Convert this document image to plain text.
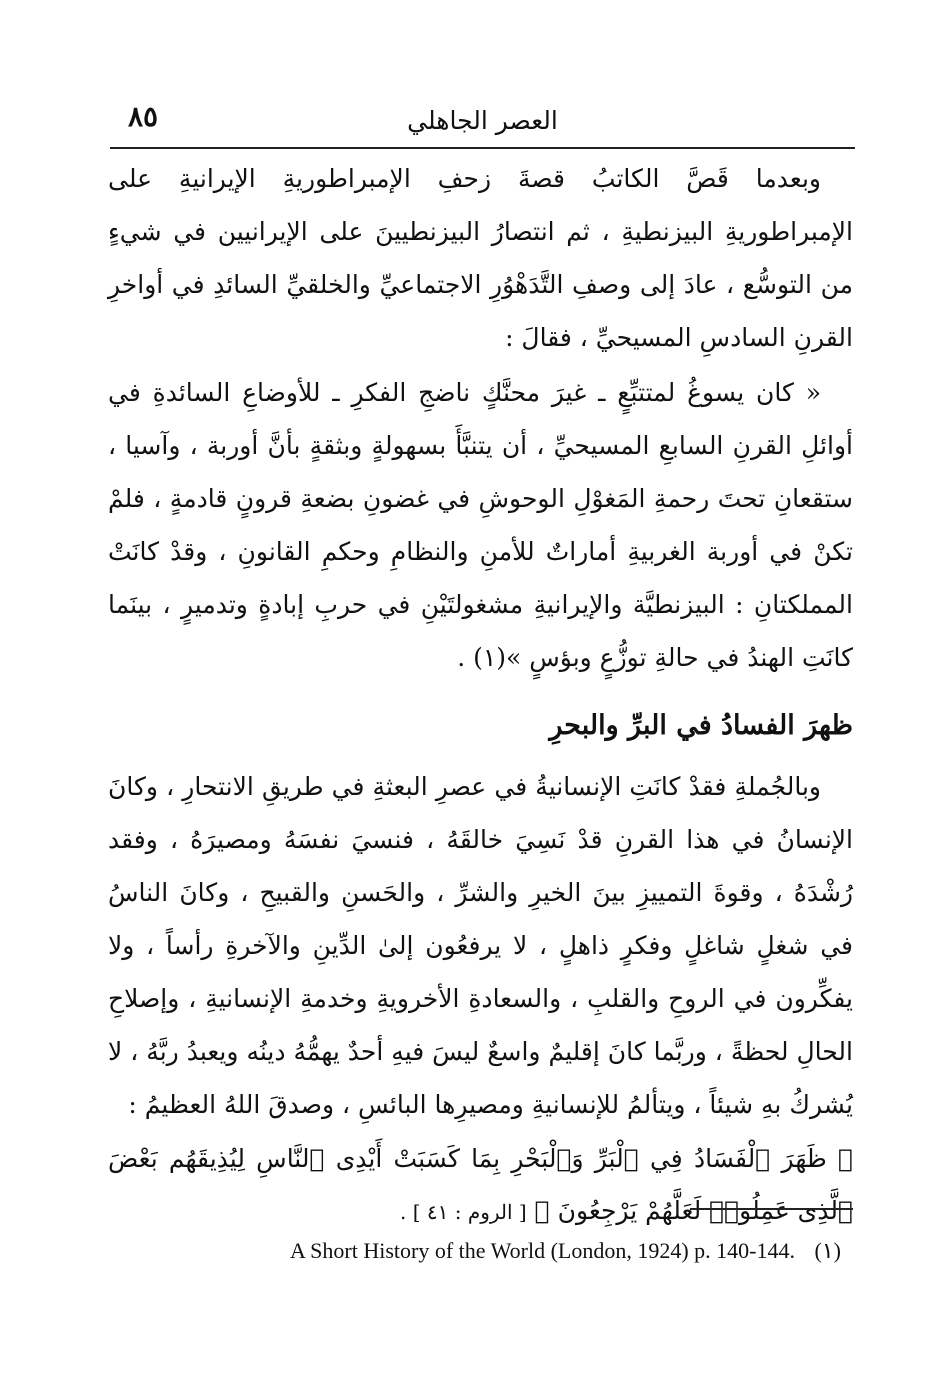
٨٥	العصر الجاهلي

وبعدما قَصَّ الكاتبُ قصةَ زحفِ الإمبراطوريةِ الإيرانيةِ على الإمبراطوريةِ البيزنطيةِ ، ثم انتصارُ البيزنطيينَ على الإيرانيين في شيءٍ من التوسُّع ، عادَ إلى وصفِ التَّدَهْوُرِ الاجتماعيِّ والخلقيِّ السائدِ في أواخرِ القرنِ السادسِ المسيحيِّ ، فقالَ :

« كان يسوغُ لمتتبِّعٍ ـ غيرَ محنَّكٍ ناضجِ الفكرِ ـ للأوضاعِ السائدةِ في أوائلِ القرنِ السابعِ المسيحيِّ ، أن يتنبَّأَ بسهولةٍ وبثقةٍ بأنَّ أوربة ، وآسيا ، ستقعانِ تحتَ رحمةِ المَغوْلِ الوحوشِ في غضونِ بضعةِ قرونٍ قادمةٍ ، فلمْ تكنْ في أوربة الغربيةِ أماراتٌ للأمنِ والنظامِ وحكمِ القانونِ ، وقدْ كانَتْ المملكتانِ : البيزنطيَّة والإيرانيةِ مشغولتَيْنِ في حربِ إبادةٍ وتدميرٍ ، بينَما كانَتِ الهندُ في حالةِ توزُّعٍ وبؤسٍ »(١) .

ظهرَ الفسادُ في البرِّ والبحرِ

وبالجُملةِ فقدْ كانَتِ الإنسانيةُ في عصرِ البعثةِ في طريقِ الانتحارِ ، وكانَ الإنسانُ في هذا القرنِ قدْ نَسِيَ خالقَهُ ، فنسيَ نفسَهُ ومصيرَهُ ، وفقد رُشْدَهُ ، وقوةَ التمييزِ بينَ الخيرِ والشرِّ ، والحَسنِ والقبيحِ ، وكانَ الناسُ في شغلٍ شاغلٍ وفكرٍ ذاهلٍ ، لا يرفعُون إلىٰ الدِّينِ والآخرةِ رأساً ، ولا يفكِّرون في الروحِ والقلبِ ، والسعادةِ الأخرويةِ وخدمةِ الإنسانيةِ ، وإصلاحِ الحالِ لحظةً ، وربَّما كانَ إقليمٌ واسعٌ ليسَ فيهِ أحدٌ يهمُّهُ دينُه ويعبدُ ربَّهُ ، لا يُشركُ بهِ شيئاً ، ويتألمُ للإنسانيةِ ومصيرِها البائسِ ، وصدقَ اللهُ العظيمُ :

﴿ ظَهَرَ ٱلْفَسَادُ فِي ٱلْبَرِّ وَٱلْبَحْرِ بِمَا كَسَبَتْ أَيْدِى ٱلنَّاسِ لِيُذِيقَهُم بَعْضَ ٱلَّذِى عَمِلُوا۟ لَعَلَّهُمْ يَرْجِعُونَ ﴾ [ الروم : ٤١ ] .

A Short History of the World (London, 1924) p. 140-144. (١)
